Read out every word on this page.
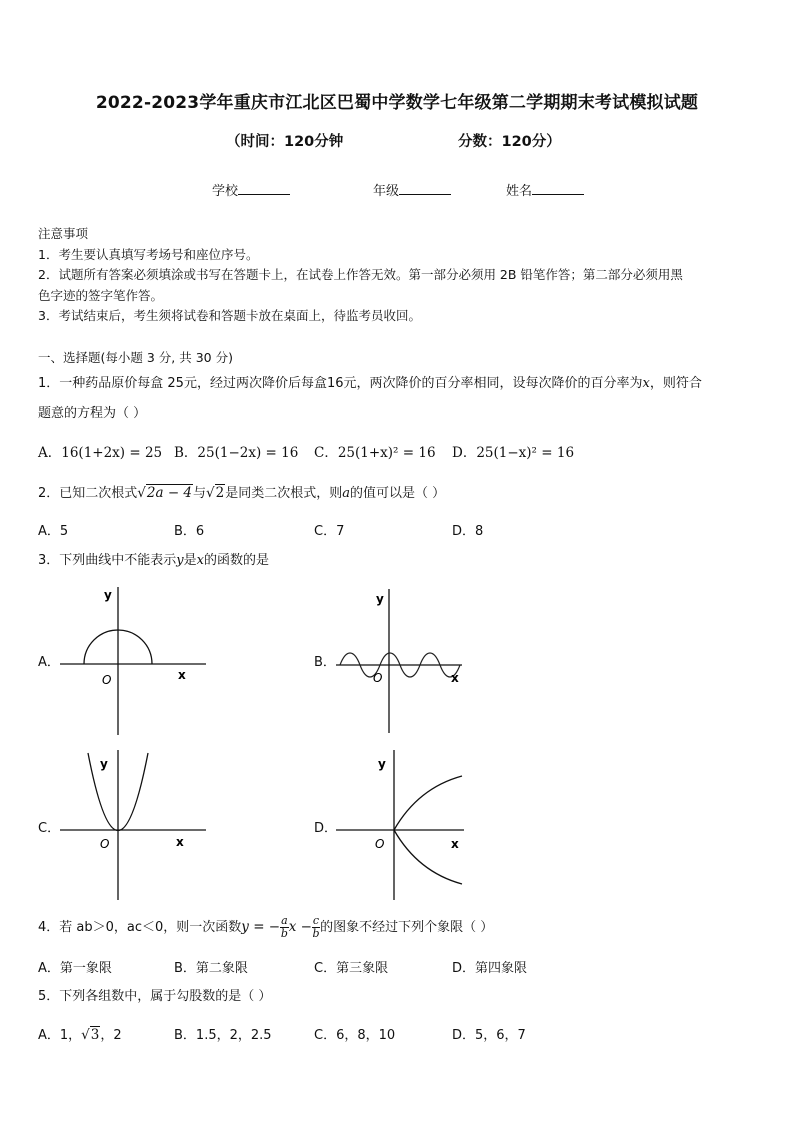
2022-2023学年重庆市江北区巴蜀中学数学七年级第二学期期末考试模拟试题
（时间：120分钟	分数：120分）
学校	年级	姓名
注意事项
1．考生要认真填写考场号和座位序号。
2．试题所有答案必须填涂或书写在答题卡上，在试卷上作答无效。第一部分必须用 2B 铅笔作答；第二部分必须用黑
色字迹的签字笔作答。
3．考试结束后，考生须将试卷和答题卡放在桌面上，待监考员收回。
一、选择题(每小题 3 分, 共 30 分)
1．一种药品原价每盒 25元，经过两次降价后每盒16元，两次降价的百分率相同，设每次降价的百分率为x，则符合
题意的方程为（ ）
A．16(1+2x) = 25 B．25(1−2x) = 16 C．25(1+x)² = 16 D．25(1−x)² = 16
2．已知二次根式√2a − 4与√2是同类二次根式，则a的值可以是（ ）
A．5	B．6	C．7	D．8
3．下列曲线中不能表示y是x的函数的是
A．	B．
C．	D．
y
x
O
y
x
O
y
x
O
y
x
O
4．若 ab＞0，ac＜0，则一次函数y = − $\frac{a}{b}$ $x - \frac{c}{b}$ 的图象不经过下列个象限（ ）
A．第一象限	B．第二象限	C．第三象限	D．第四象限
5．下列各组数中，属于勾股数的是（ ）
A．1，√3，2	B．1.5，2，2.5	C．6，8，10	D．5，6，7
